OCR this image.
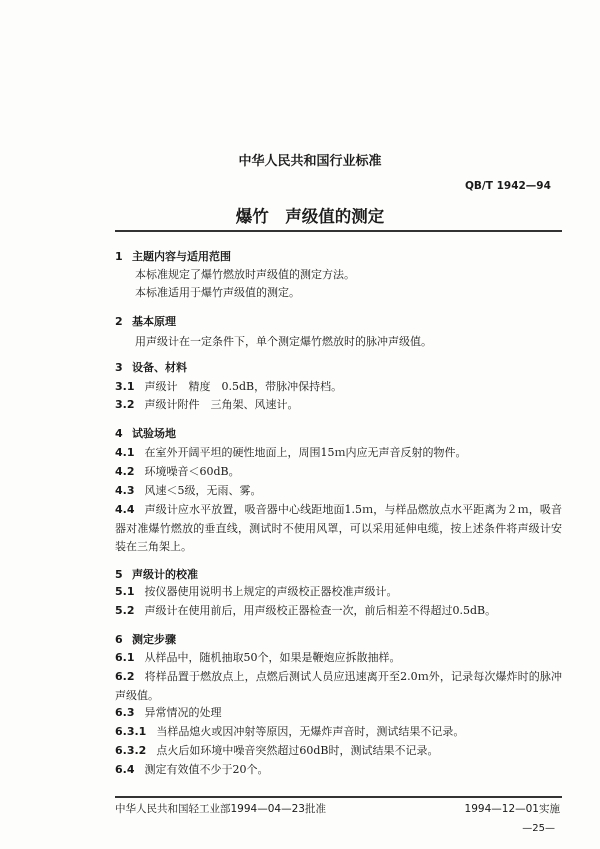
中华人民共和国行业标准
QB/T 1942—94
爆竹　声级值的测定
1 主题内容与适用范围
本标准规定了爆竹燃放时声级值的测定方法。
本标准适用于爆竹声级值的测定。
2 基本原理
用声级计在一定条件下，单个测定爆竹燃放时的脉冲声级值。
3 设备、材料
3.1 声级计　精度　0.5dB，带脉冲保持档。
3.2 声级计附件　三角架、风速计。
4 试验场地
4.1 在室外开阔平坦的硬性地面上，周围15ｍ内应无声音反射的物件。
4.2 环境噪音＜60dB。
4.3 风速＜5级，无雨、雾。
4.4 声级计应水平放置，吸音器中心线距地面1.5ｍ，与样品燃放点水平距离为２ｍ，吸音器对准爆竹燃放的垂直线，测试时不使用风罩，可以采用延伸电缆，按上述条件将声级计安装在三角架上。
5 声级计的校准
5.1 按仪器使用说明书上规定的声级校正器校准声级计。
5.2 声级计在使用前后，用声级校正器检查一次，前后相差不得超过0.5dB。
6 测定步骤
6.1 从样品中，随机抽取50个，如果是鞭炮应拆散抽样。
6.2 将样品置于燃放点上，点燃后测试人员应迅速离开至2.0ｍ外，记录每次爆炸时的脉冲声级值。
6.3 异常情况的处理
6.3.1 当样品熄火或因冲射等原因，无爆炸声音时，测试结果不记录。
6.3.2 点火后如环境中噪音突然超过60dB时，测试结果不记录。
6.4 测定有效值不少于20个。
中华人民共和国轻工业部1994—04—23批准	1994—12—01实施
—25—
